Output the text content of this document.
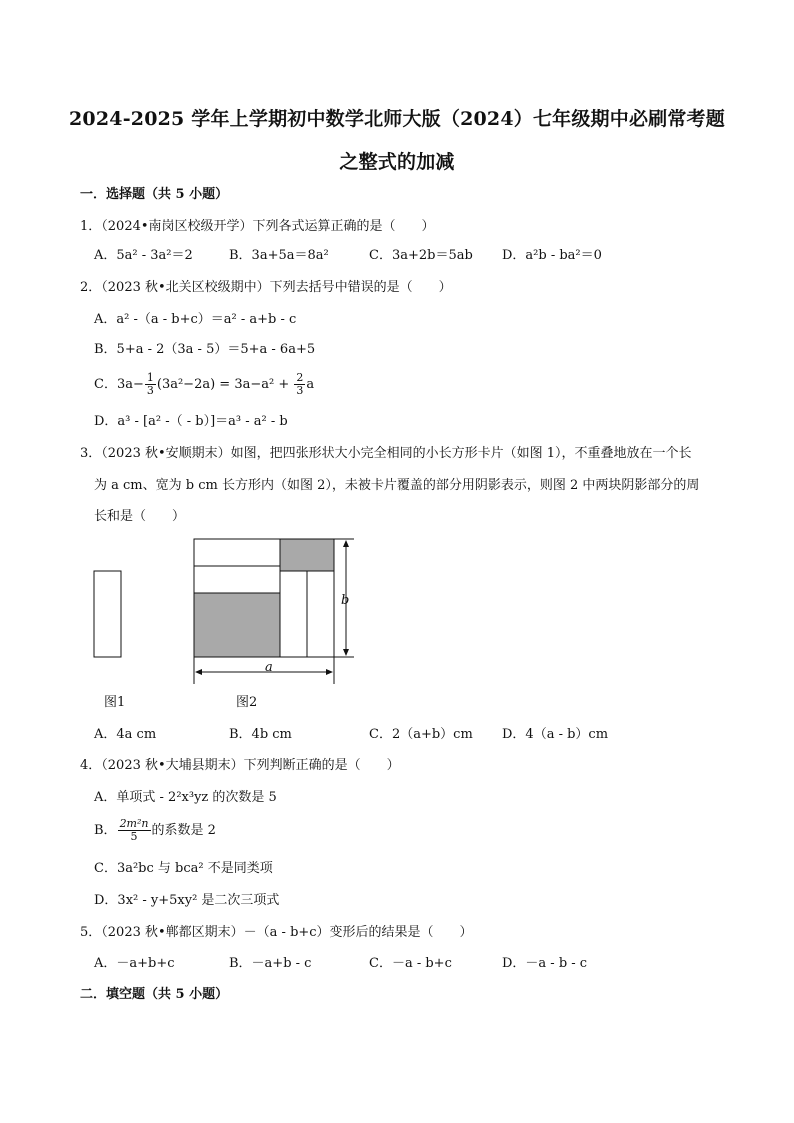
2024-2025 学年上学期初中数学北师大版（2024）七年级期中必刷常考题
之整式的加减
一．选择题（共 5 小题）
1．（2024•南岗区校级开学）下列各式运算正确的是（　　）
A．5a² - 3a²＝2	B．3a+5a＝8a²	C．3a+2b＝5ab D．a²b - ba²＝0
2．（2023 秋•北关区校级期中）下列去括号中错误的是（　　）
A．a² -（a - b+c）＝a² - a+b - c
B．5+a - 2（3a - 5）＝5+a - 6a+5
C．$3a- \frac{1}{3} (3a^2-2a) = 3a-a^2 + \frac{2}{3}$ a
D．a³ - [a² -（ - b）]＝a³ - a² - b
3．（2023 秋•安顺期末）如图，把四张形状大小完全相同的小长方形卡片（如图 1），不重叠地放在一个长
为 a cm、宽为 b cm 长方形内（如图 2），未被卡片覆盖的部分用阴影表示，则图 2 中两块阴影部分的周
长和是（　　）
图1
a
b
图2
A．4a cm	B．4b cm	C．2（a+b）cm D．4（a - b）cm
4．（2023 秋•大埔县期末）下列判断正确的是（　　）
A．单项式 - 2²x³yz 的次数是 5
B． $\frac{\text{2m²n}}{5}$ 的系数是 2
C．3a²bc 与 bca² 不是同类项
D．3x² - y+5xy² 是二次三项式
5．（2023 秋•郸都区期末）－（a - b+c）变形后的结果是（　　）
A．－a+b+c	B．－a+b - c	C．－a - b+c	D．－a - b - c
二．填空题（共 5 小题）
